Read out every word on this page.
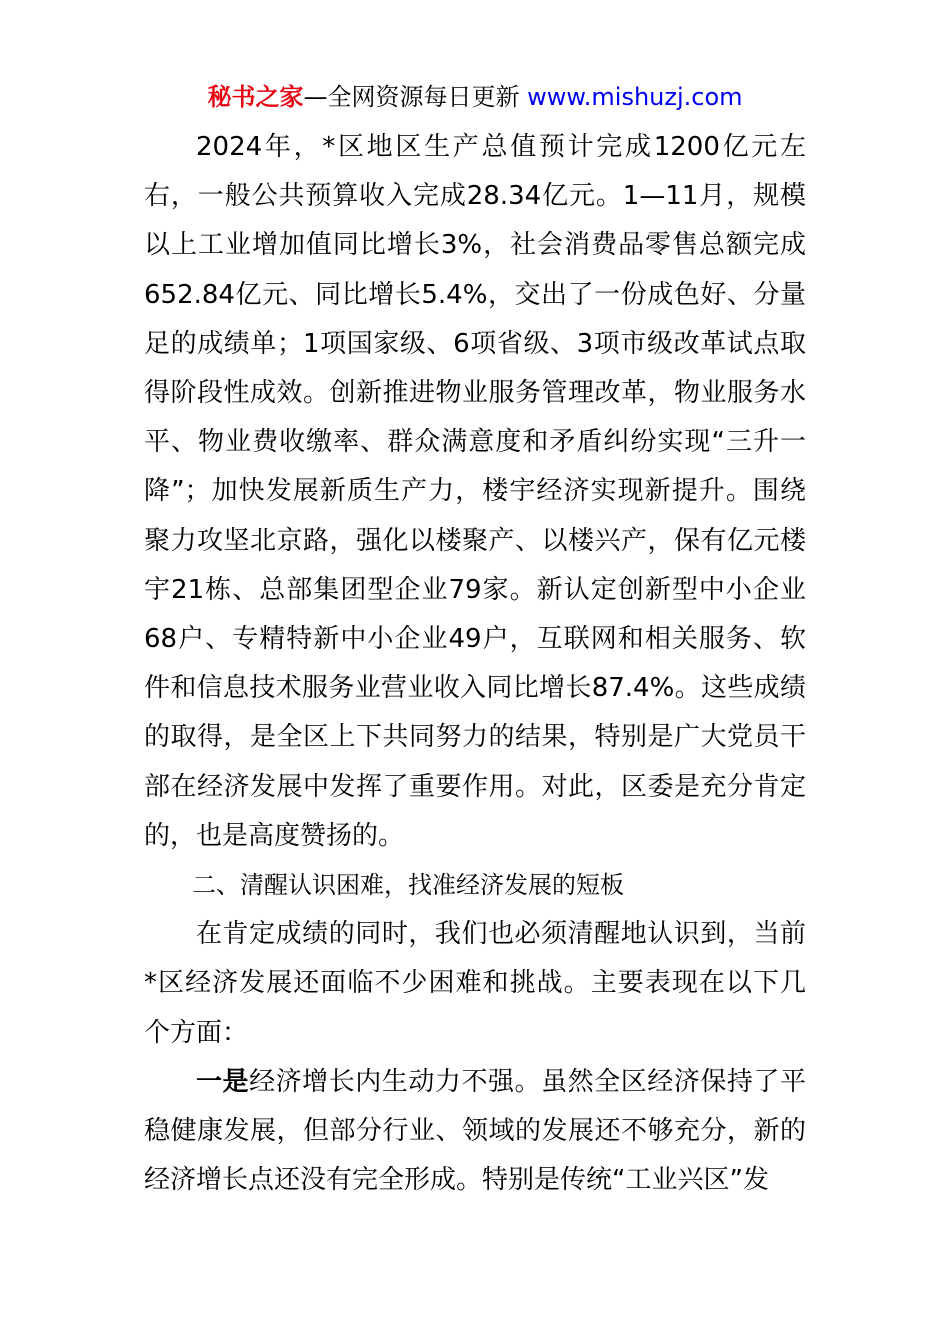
秘书之家—全网资源每日更新 www.mishuzj.com

2024年，*区地区生产总值预计完成1200亿元左右，一般公共预算收入完成28.34亿元。1—11月，规模以上工业增加值同比增长3%，社会消费品零售总额完成652.84亿元、同比增长5.4%，交出了一份成色好、分量足的成绩单；1项国家级、6项省级、3项市级改革试点取得阶段性成效。创新推进物业服务管理改革，物业服务水平、物业费收缴率、群众满意度和矛盾纠纷实现“三升一降”；加快发展新质生产力，楼宇经济实现新提升。围绕聚力攻坚北京路，强化以楼聚产、以楼兴产，保有亿元楼宇21栋、总部集团型企业79家。新认定创新型中小企业68户、专精特新中小企业49户，互联网和相关服务、软件和信息技术服务业营业收入同比增长87.4%。这些成绩的取得，是全区上下共同努力的结果，特别是广大党员干部在经济发展中发挥了重要作用。对此，区委是充分肯定的，也是高度赞扬的。

二、清醒认识困难，找准经济发展的短板

在肯定成绩的同时，我们也必须清醒地认识到，当前*区经济发展还面临不少困难和挑战。主要表现在以下几个方面：

一是经济增长内生动力不强。虽然全区经济保持了平稳健康发展，但部分行业、领域的发展还不够充分，新的经济增长点还没有完全形成。特别是传统“工业兴区”发
